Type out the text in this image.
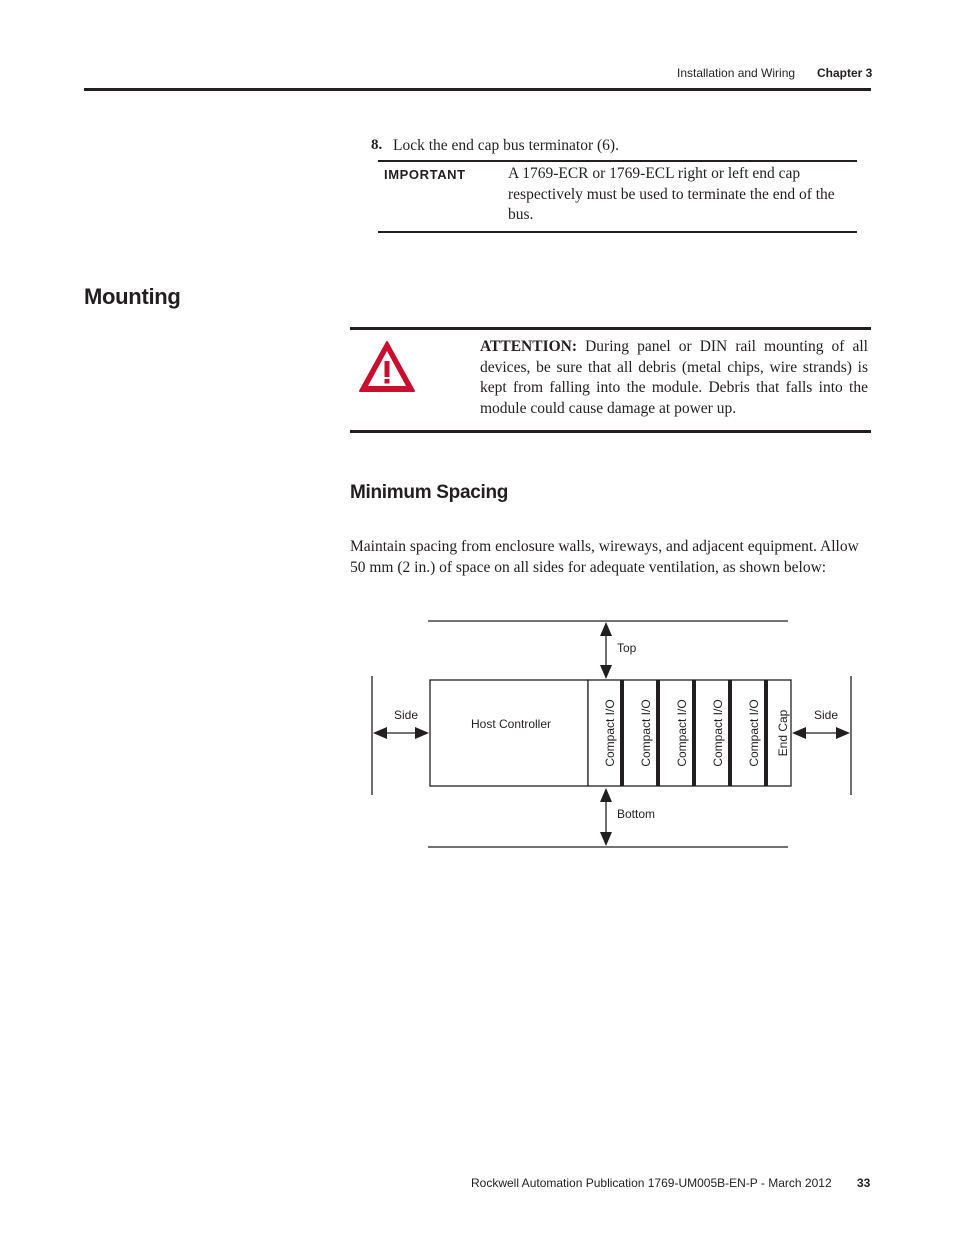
Installation and Wiring Chapter 3
8. Lock the end cap bus terminator (6).
IMPORTANT	A 1769-ECR or 1769-ECL right or left end cap respectively must be used to terminate the end of the bus.
Mounting
ATTENTION: During panel or DIN rail mounting of all devices, be sure that all debris (metal chips, wire strands) is kept from falling into the module. Debris that falls into the module could cause damage at power up.
Minimum Spacing
Maintain spacing from enclosure walls, wireways, and adjacent equipment. Allow 50 mm (2 in.) of space on all sides for adequate ventilation, as shown below:
Top
Bottom
Side	Side
Host Controller	Compact I/O Compact I/O Compact I/O Compact I/O Compact I/O End Cap
Rockwell Automation Publication 1769-UM005B-EN-P - March 2012 33
